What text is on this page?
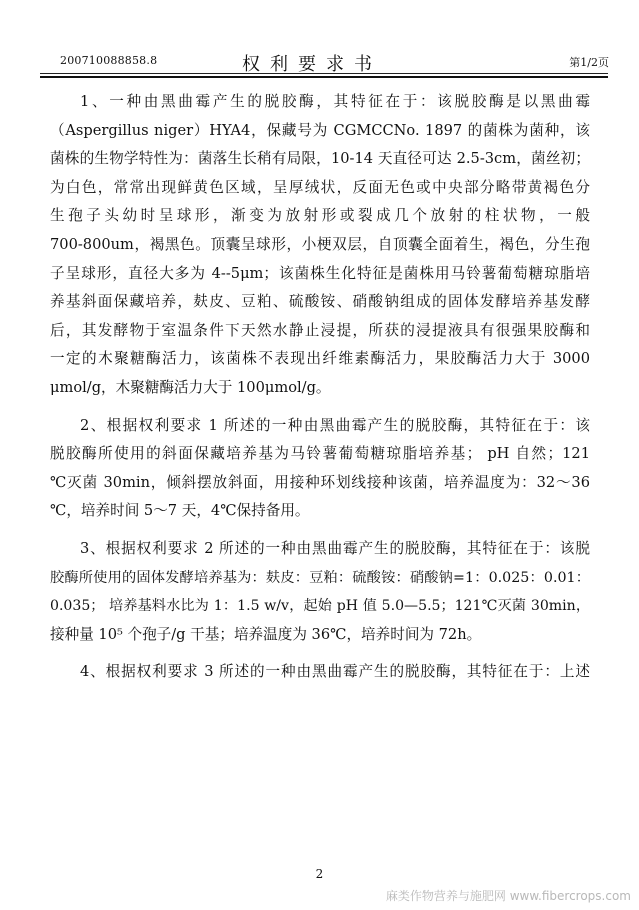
200710088858.8	权利要求书	第1/2页
1、一种由黑曲霉产生的脱胶酶，其特征在于：该脱胶酶是以黑曲霉
（Aspergillus niger）HYA4，保藏号为 CGMCCNo. 1897 的菌株为菌种，该
菌株的生物学特性为：菌落生长稍有局限，10-14 天直径可达 2.5-3cm，菌丝初；
为白色，常常出现鲜黄色区域，呈厚绒状，反面无色或中央部分略带黄褐色分
生孢子头幼时呈球形，渐变为放射形或裂成几个放射的柱状物，一般
700-800um，褐黑色。顶囊呈球形，小梗双层，自顶囊全面着生，褐色，分生孢
子呈球形，直径大多为 4--5μm；该菌株生化特征是菌株用马铃薯葡萄糖琼脂培
养基斜面保藏培养，麸皮、豆粕、硫酸铵、硝酸钠组成的固体发酵培养基发酵
后，其发酵物于室温条件下天然水静止浸提，所获的浸提液具有很强果胶酶和
一定的木聚糖酶活力，该菌株不表现出纤维素酶活力，果胶酶活力大于 3000
μmol/g，木聚糖酶活力大于 100μmol/g。
2、根据权利要求 1 所述的一种由黑曲霉产生的脱胶酶，其特征在于：该
脱胶酶所使用的斜面保藏培养基为马铃薯葡萄糖琼脂培养基； pH 自然；121
℃灭菌 30min，倾斜摆放斜面，用接种环划线接种该菌，培养温度为：32～36
℃，培养时间 5～7 天，4℃保持备用。
3、根据权利要求 2 所述的一种由黑曲霉产生的脱胶酶，其特征在于：该脱
胶酶所使用的固体发酵培养基为：麸皮：豆粕：硫酸铵：硝酸钠=1：0.025：0.01：
0.035； 培养基料水比为 1：1.5 w/v，起始 pH 值 5.0—5.5；121℃灭菌 30min，
接种量 10⁵ 个孢子/g 干基；培养温度为 36℃，培养时间为 72h。
4、根据权利要求 3 所述的一种由黑曲霉产生的脱胶酶，其特征在于：上述
2
麻类作物营养与施肥网 www.fibercrops.com
